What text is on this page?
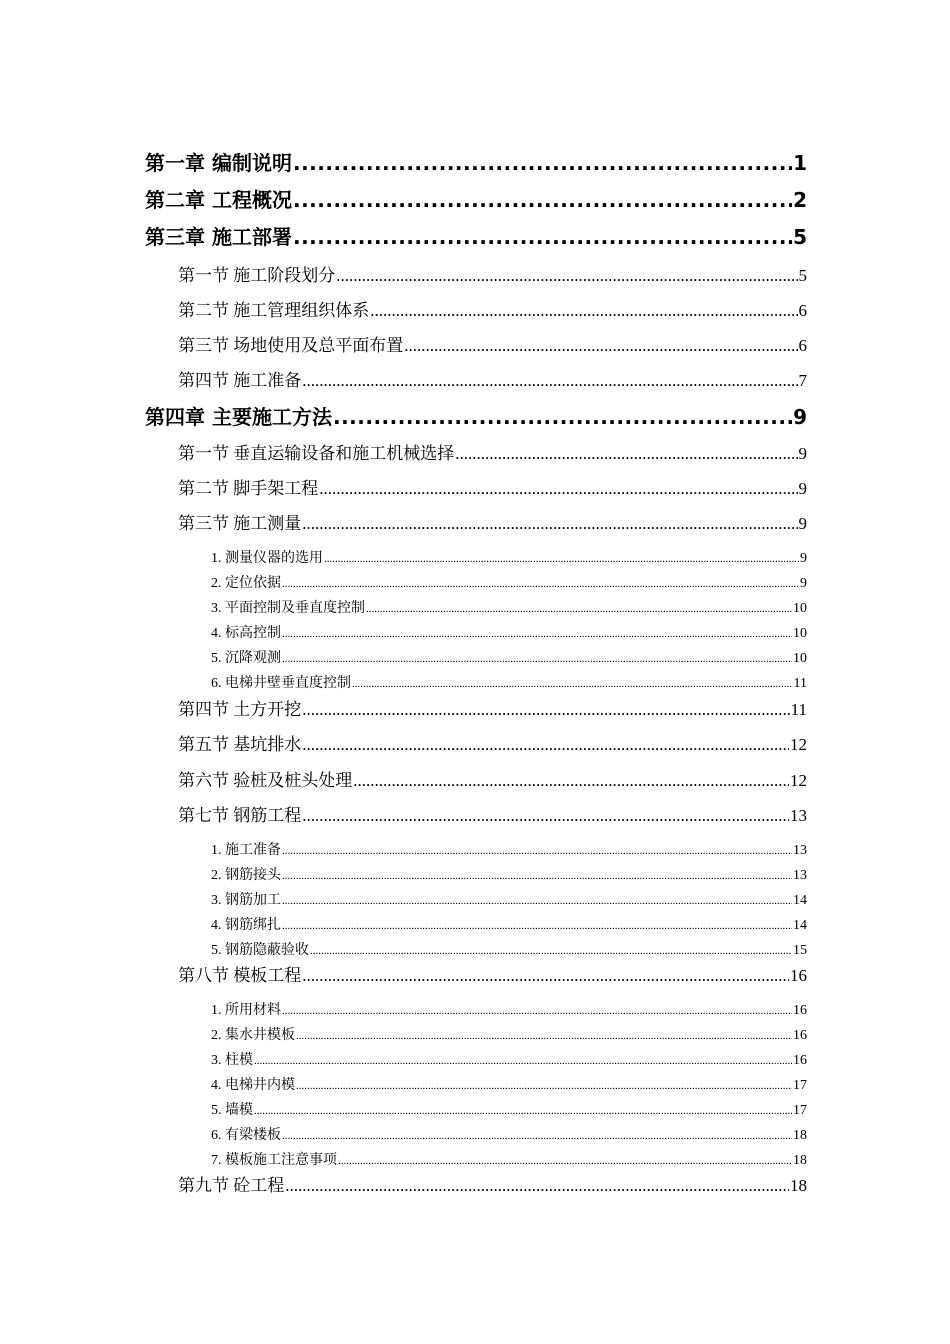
第一章 编制说明 .....	1
第二章 工程概况 .....	2
第三章 施工部署 .....	5
第一节 施工阶段划分 .....	5
第二节 施工管理组织体系 .....	6
第三节 场地使用及总平面布置 .....	6
第四节 施工准备 .....	7
第四章 主要施工方法 .....	9
第一节 垂直运输设备和施工机械选择 .....	9
第二节 脚手架工程 .....	9
第三节 施工测量 .....	9
1. 测量仪器的选用 .....	9
2. 定位依据 .....	9
3. 平面控制及垂直度控制 .....	10
4. 标高控制 .....	10
5. 沉降观测 .....	10
6. 电梯井壁垂直度控制 .....	11
第四节 土方开挖 .....	11
第五节 基坑排水 .....	12
第六节 验桩及桩头处理 .....	12
第七节 钢筋工程 .....	13
1. 施工准备 .....	13
2. 钢筋接头 .....	13
3. 钢筋加工 .....	14
4. 钢筋绑扎 .....	14
5. 钢筋隐蔽验收 .....	15
第八节 模板工程 .....	16
1. 所用材料 .....	16
2. 集水井模板 .....	16
3. 柱模 .....	16
4. 电梯井内模 .....	17
5. 墙模 .....	17
6. 有梁楼板 .....	18
7. 模板施工注意事项 .....	18
第九节 砼工程 .....	18
